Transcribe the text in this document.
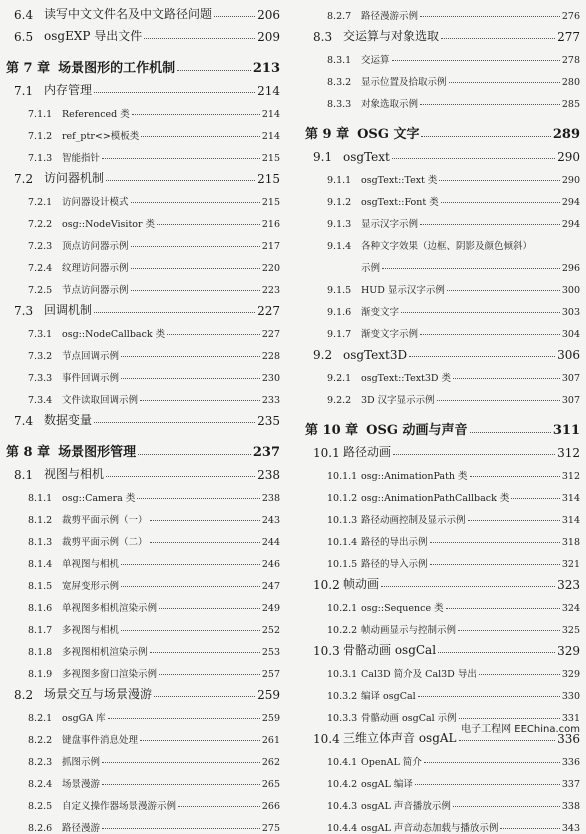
6.4 读写中文文件名及中文路径问题	206
6.5 osgEXP 导出文件	209
第 7 章 场景图形的工作机制	213
7.1 内存管理	214
7.1.1	Referenced 类	214
7.1.2	ref_ptr<>模板类	214
7.1.3	智能指针	215
7.2 访问器机制	215
7.2.1	访问器设计模式	215
7.2.2	osg::NodeVisitor 类	216
7.2.3	顶点访问器示例	217
7.2.4	纹理访问器示例	220
7.2.5	节点访问器示例	223
7.3 回调机制	227
7.3.1	osg::NodeCallback 类	227
7.3.2	节点回调示例	228
7.3.3	事件回调示例	230
7.3.4	文件读取回调示例	233
7.4 数据变量	235
第 8 章 场景图形管理	237
8.1 视图与相机	238
8.1.1	osg::Camera 类	238
8.1.2	裁剪平面示例（一）	243
8.1.3	裁剪平面示例（二）	244
8.1.4	单视图与相机	246
8.1.5	宽屏变形示例	247
8.1.6	单视图多相机渲染示例	249
8.1.7	多视图与相机	252
8.1.8	多视图相机渲染示例	253
8.1.9	多视图多窗口渲染示例	257
8.2 场景交互与场景漫游	259
8.2.1	osgGA 库	259
8.2.2	键盘事件消息处理	261
8.2.3	抓图示例	262
8.2.4	场景漫游	265
8.2.5	自定义操作器场景漫游示例	266
8.2.6	路径漫游	275
8.2.7	路径漫游示例	276
8.3 交运算与对象选取	277
8.3.1	交运算	278
8.3.2	显示位置及拾取示例	280
8.3.3	对象选取示例	285
第 9 章 OSG 文字	289
9.1 osgText	290
9.1.1	osgText::Text 类	290
9.1.2	osgText::Font 类	294
9.1.3	显示汉字示例	294
9.1.4	各种文字效果（边框、阴影及颜色倾斜）
示例	296
9.1.5	HUD 显示汉字示例	300
9.1.6	渐变文字	303
9.1.7	渐变文字示例	304
9.2 osgText3D	306
9.2.1	osgText::Text3D 类	307
9.2.2	3D 汉字显示示例	307
第 10 章 OSG 动画与声音	311
10.1 路径动画	312
10.1.1 osg::AnimationPath 类	312
10.1.2 osg::AnimationPathCallback 类	314
10.1.3 路径动画控制及显示示例	314
10.1.4 路径的导出示例	318
10.1.5 路径的导入示例	321
10.2 帧动画	323
10.2.1 osg::Sequence 类	324
10.2.2 帧动画显示与控制示例	325
10.3 骨骼动画 osgCal	329
10.3.1 Cal3D 简介及 Cal3D 导出	329
10.3.2 编译 osgCal	330
10.3.3 骨骼动画 osgCal 示例	331
10.4 三维立体声音 osgAL	336
10.4.1 OpenAL 简介	336
10.4.2 osgAL 编译	337
10.4.3 osgAL 声音播放示例	338
10.4.4 osgAL 声音动态加载与播放示例	343
电子工程网 EEChina.com
